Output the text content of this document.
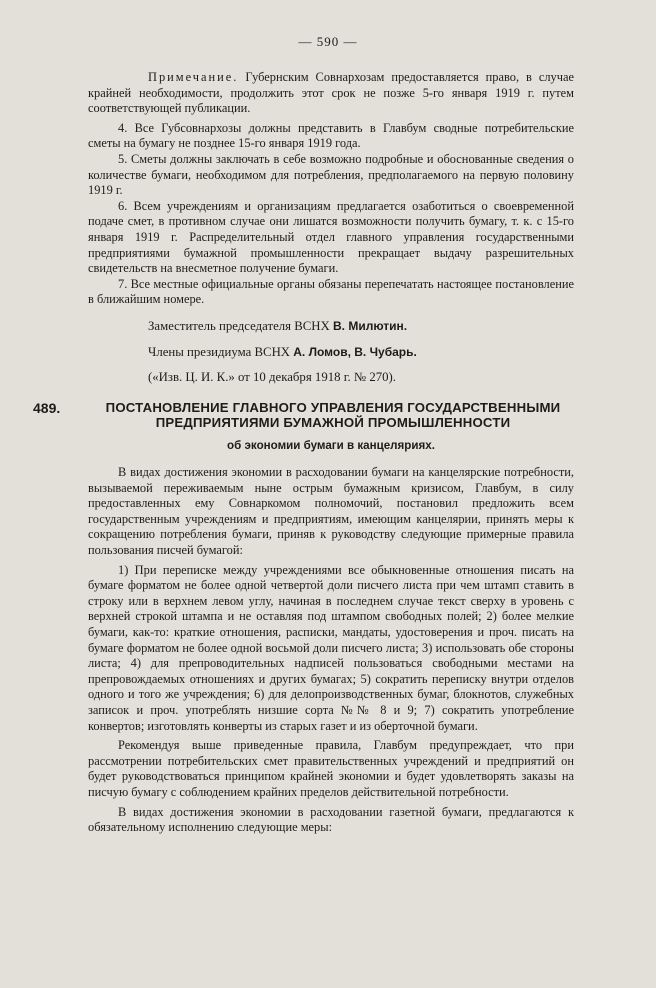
— 590 —

Примечание. Губернским Совнархозам предоставляется право, в случае крайней необходимости, продолжить этот срок не позже 5-го января 1919 г. путем соответствующей публикации.

4. Все Губсовнархозы должны представить в Главбум сводные потребительские сметы на бумагу не позднее 15-го января 1919 года.

5. Сметы должны заключать в себе возможно подробные и обоснованные сведения о количестве бумаги, необходимом для потребления, предполагаемого на первую половину 1919 г.

6. Всем учреждениям и организациям предлагается озаботиться о своевременной подаче смет, в противном случае они лишатся возможности получить бумагу, т. к. с 15-го января 1919 г. Распределительный отдел главного управления государственными предприятиями бумажной промышленности прекращает выдачу разрешительных свидетельств на внесметное получение бумаги.

7. Все местные официальные органы обязаны перепечатать настоящее постановление в ближайшим номере.

Заместитель председателя ВСНХ В. Милютин.

Члены президиума ВСНХ А. Ломов, В. Чубарь.

(«Изв. Ц. И. К.» от 10 декабря 1918 г. № 270).

489.	ПОСТАНОВЛЕНИЕ ГЛАВНОГО УПРАВЛЕНИЯ ГОСУДАРСТВЕННЫМИ ПРЕДПРИЯТИЯМИ БУМАЖНОЙ ПРОМЫШЛЕННОСТИ
об экономии бумаги в канцеляриях.

В видах достижения экономии в расходовании бумаги на канцелярские потребности, вызываемой переживаемым ныне острым бумажным кризисом, Главбум, в силу предоставленных ему Совнаркомом полномочий, постановил предложить всем государственным учреждениям и предприятиям, имеющим канцелярии, принять меры к сокращению потребления бумаги, приняв к руководству следующие примерные правила пользования писчей бумагой:

1) При переписке между учреждениями все обыкновенные отношения писать на бумаге форматом не более одной четвертой доли писчего листа при чем штамп ставить в строку или в верхнем левом углу, начиная в последнем случае текст сверху в уровень с верхней строкой штампа и не оставляя под штампом свободных полей; 2) более мелкие бумаги, как-то: краткие отношения, расписки, мандаты, удостоверения и проч. писать на бумаге форматом не более одной восьмой доли писчего листа; 3) использовать обе стороны листа; 4) для препроводительных надписей пользоваться свободными местами на препровождаемых отношениях и других бумагах; 5) сократить переписку внутри отделов одного и того же учреждения; 6) для делопроизводственных бумаг, блокнотов, служебных записок и проч. употреблять низшие сорта №№ 8 и 9; 7) сократить употребление конвертов; изготовлять конверты из старых газет и из оберточной бумаги.

Рекомендуя выше приведенные правила, Главбум предупреждает, что при рассмотрении потребительских смет правительственных учреждений и предприятий он будет руководствоваться принципом крайней экономии и будет удовлетворять заказы на писчую бумагу с соблюдением крайних пределов действительной потребности.

В видах достижения экономии в расходовании газетной бумаги, предлагаются к обязательному исполнению следующие меры:
